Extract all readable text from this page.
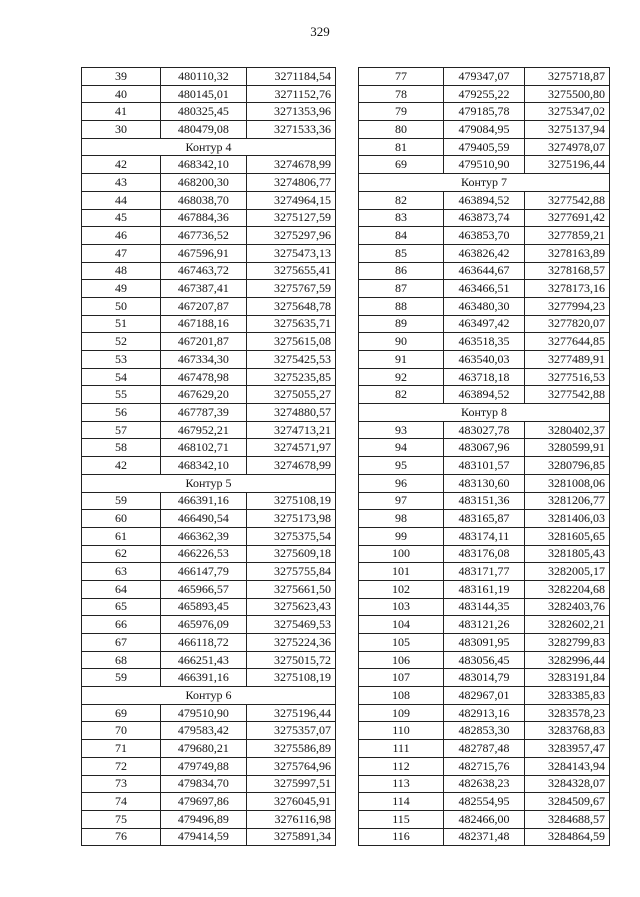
329
39	480110,32	3271184,54
40	480145,01	3271152,76
41	480325,45	3271353,96
30	480479,08	3271533,36
Контур 4		
42	468342,10	3274678,99
43	468200,30	3274806,77
44	468038,70	3274964,15
45	467884,36	3275127,59
46	467736,52	3275297,96
47	467596,91	3275473,13
48	467463,72	3275655,41
49	467387,41	3275767,59
50	467207,87	3275648,78
51	467188,16	3275635,71
52	467201,87	3275615,08
53	467334,30	3275425,53
54	467478,98	3275235,85
55	467629,20	3275055,27
56	467787,39	3274880,57
57	467952,21	3274713,21
58	468102,71	3274571,97
42	468342,10	3274678,99
Контур 5		
59	466391,16	3275108,19
60	466490,54	3275173,98
61	466362,39	3275375,54
62	466226,53	3275609,18
63	466147,79	3275755,84
64	465966,57	3275661,50
65	465893,45	3275623,43
66	465976,09	3275469,53
67	466118,72	3275224,36
68	466251,43	3275015,72
59	466391,16	3275108,19
Контур 6		
69	479510,90	3275196,44
70	479583,42	3275357,07
71	479680,21	3275586,89
72	479749,88	3275764,96
73	479834,70	3275997,51
74	479697,86	3276045,91
75	479496,89	3276116,98
76	479414,59	3275891,34
77	479347,07	3275718,87
78	479255,22	3275500,80
79	479185,78	3275347,02
80	479084,95	3275137,94
81	479405,59	3274978,07
69	479510,90	3275196,44
Контур 7		
82	463894,52	3277542,88
83	463873,74	3277691,42
84	463853,70	3277859,21
85	463826,42	3278163,89
86	463644,67	3278168,57
87	463466,51	3278173,16
88	463480,30	3277994,23
89	463497,42	3277820,07
90	463518,35	3277644,85
91	463540,03	3277489,91
92	463718,18	3277516,53
82	463894,52	3277542,88
Контур 8		
93	483027,78	3280402,37
94	483067,96	3280599,91
95	483101,57	3280796,85
96	483130,60	3281008,06
97	483151,36	3281206,77
98	483165,87	3281406,03
99	483174,11	3281605,65
100	483176,08	3281805,43
101	483171,77	3282005,17
102	483161,19	3282204,68
103	483144,35	3282403,76
104	483121,26	3282602,21
105	483091,95	3282799,83
106	483056,45	3282996,44
107	483014,79	3283191,84
108	482967,01	3283385,83
109	482913,16	3283578,23
110	482853,30	3283768,83
111	482787,48	3283957,47
112	482715,76	3284143,94
113	482638,23	3284328,07
114	482554,95	3284509,67
115	482466,00	3284688,57
116	482371,48	3284864,59
